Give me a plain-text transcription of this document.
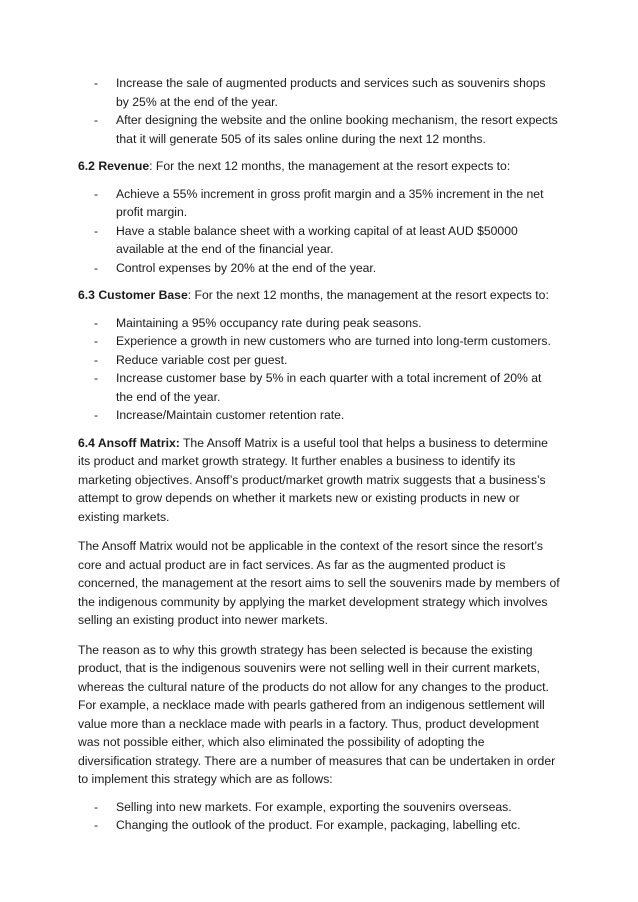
- Increase the sale of augmented products and services such as souvenirs shops by 25% at the end of the year.
- After designing the website and the online booking mechanism, the resort expects that it will generate 505 of its sales online during the next 12 months.

6.2 Revenue: For the next 12 months, the management at the resort expects to:

- Achieve a 55% increment in gross profit margin and a 35% increment in the net profit margin.
- Have a stable balance sheet with a working capital of at least AUD $50000 available at the end of the financial year.
- Control expenses by 20% at the end of the year.

6.3 Customer Base: For the next 12 months, the management at the resort expects to:

- Maintaining a 95% occupancy rate during peak seasons.
- Experience a growth in new customers who are turned into long-term customers.
- Reduce variable cost per guest.
- Increase customer base by 5% in each quarter with a total increment of 20% at the end of the year.
- Increase/Maintain customer retention rate.

6.4 Ansoff Matrix: The Ansoff Matrix is a useful tool that helps a business to determine its product and market growth strategy. It further enables a business to identify its marketing objectives. Ansoff’s product/market growth matrix suggests that a business’s attempt to grow depends on whether it markets new or existing products in new or existing markets.

The Ansoff Matrix would not be applicable in the context of the resort since the resort’s core and actual product are in fact services. As far as the augmented product is concerned, the management at the resort aims to sell the souvenirs made by members of the indigenous community by applying the market development strategy which involves selling an existing product into newer markets.

The reason as to why this growth strategy has been selected is because the existing product, that is the indigenous souvenirs were not selling well in their current markets, whereas the cultural nature of the products do not allow for any changes to the product. For example, a necklace made with pearls gathered from an indigenous settlement will value more than a necklace made with pearls in a factory. Thus, product development was not possible either, which also eliminated the possibility of adopting the diversification strategy. There are a number of measures that can be undertaken in order to implement this strategy which are as follows:

- Selling into new markets. For example, exporting the souvenirs overseas.
- Changing the outlook of the product. For example, packaging, labelling etc.
